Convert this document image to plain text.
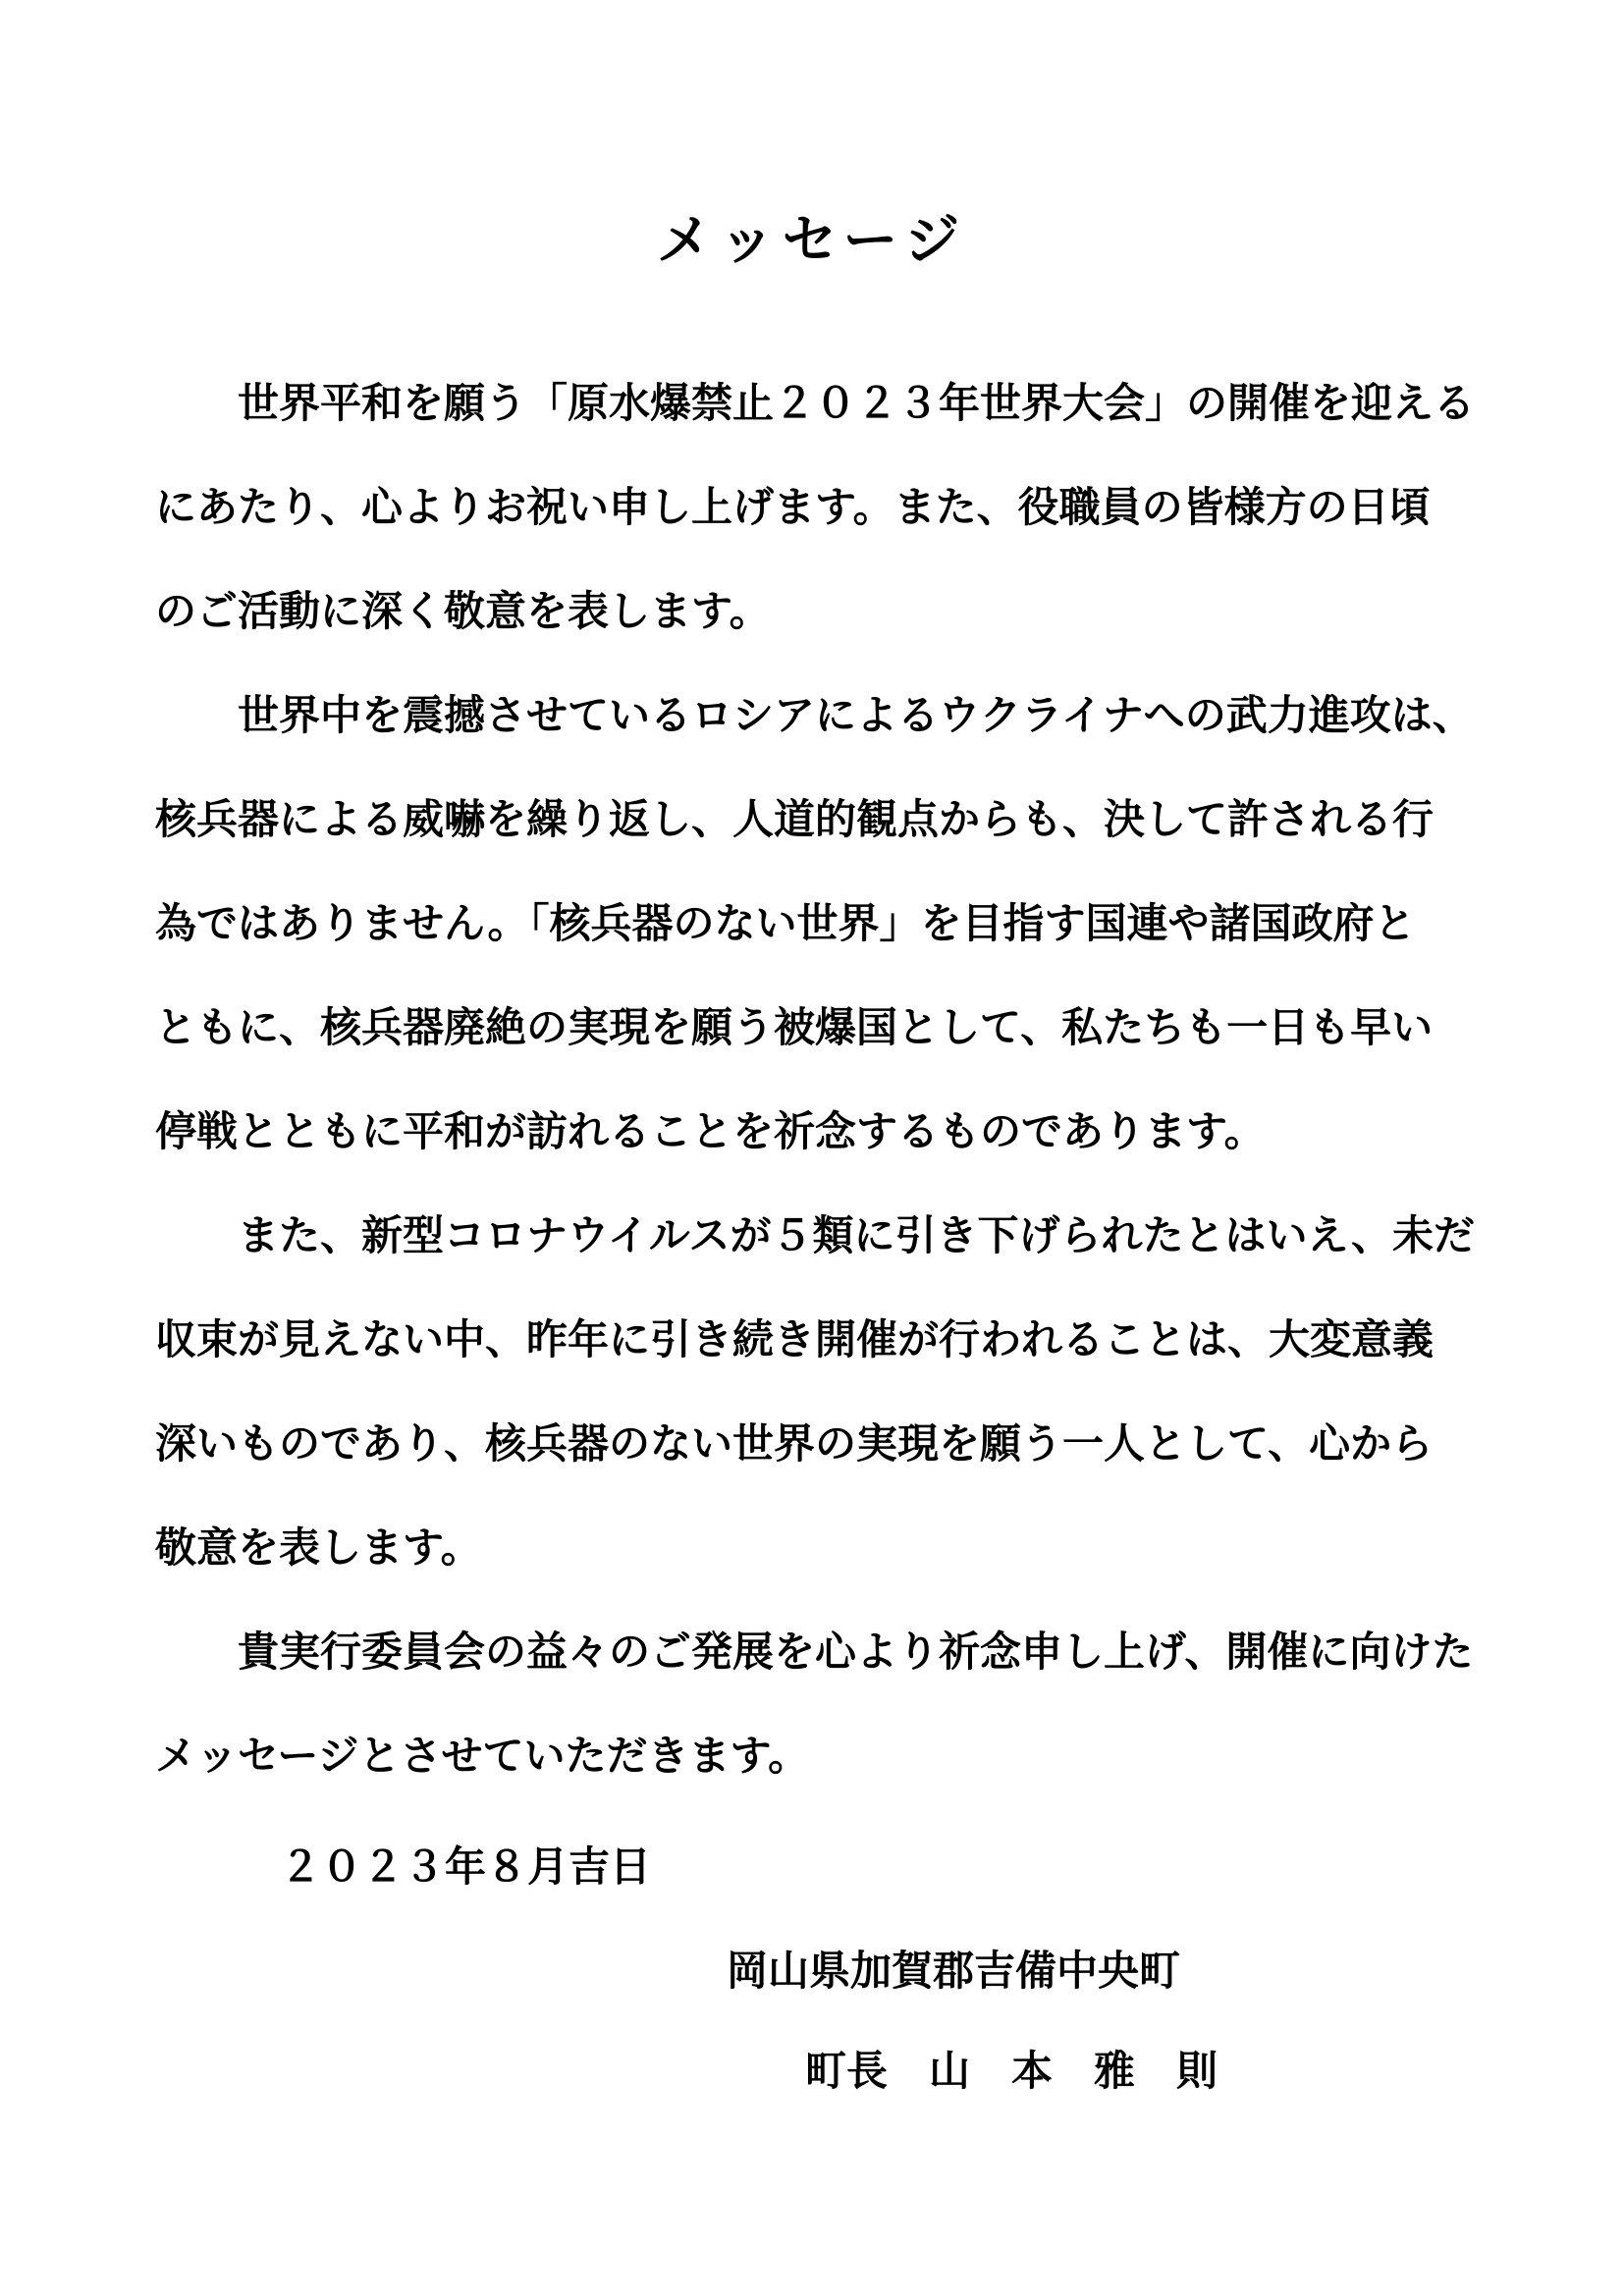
メッセージ

世界平和を願う「原水爆禁止２０２３年世界大会」の開催を迎える
にあたり、心よりお祝い申し上げます。また、役職員の皆様方の日頃
のご活動に深く敬意を表します。

世界中を震撼させているロシアによるウクライナへの武力進攻は、
核兵器による威嚇を繰り返し、人道的観点からも、決して許される行
為ではありません。「核兵器のない世界」を目指す国連や諸国政府と
ともに、核兵器廃絶の実現を願う被爆国として、私たちも一日も早い
停戦とともに平和が訪れることを祈念するものであります。

また、新型コロナウイルスが５類に引き下げられたとはいえ、未だ
収束が見えない中、昨年に引き続き開催が行われることは、大変意義
深いものであり、核兵器のない世界の実現を願う一人として、心から
敬意を表します。

貴実行委員会の益々のご発展を心より祈念申し上げ、開催に向けた
メッセージとさせていただきます。

２０２３年８月吉日
岡山県加賀郡吉備中央町
町長　山　本　雅　則
